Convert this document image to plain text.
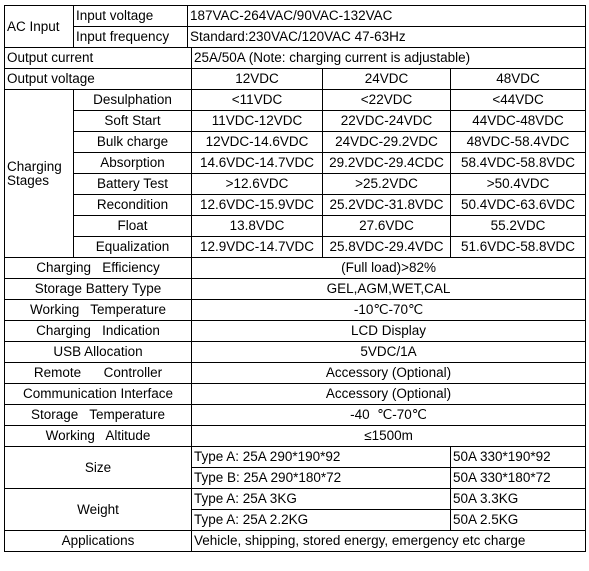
AC Input	Input voltage	187VAC-264VAC/90VAC-132VAC			
	Input frequency	Standard:230VAC/120VAC 47-63Hz			
Output current			25A/50A (Note: charging current is adjustable)		
Output voltage			12VDC	24VDC	48VDC
Charging
Stages	Desulphation		<11VDC	<22VDC	<44VDC
	Soft Start		11VDC-12VDC	22VDC-24VDC	44VDC-48VDC
	Bulk charge		12VDC-14.6VDC	24VDC-29.2VDC	48VDC-58.4VDC
	Absorption		14.6VDC-14.7VDC	29.2VDC-29.4CDC	58.4VDC-58.8VDC
	Battery Test		>12.6VDC	>25.2VDC	>50.4VDC
	Recondition		12.6VDC-15.9VDC	25.2VDC-31.8VDC	50.4VDC-63.6VDC
	Float		13.8VDC	27.6VDC	55.2VDC
	Equalization		12.9VDC-14.7VDC	25.8VDC-29.4VDC	51.6VDC-58.8VDC
Charging   Efficiency			(Full load)>82%		
Storage Battery Type			GEL,AGM,WET,CAL		
Working   Temperature			-10℃-70℃		
Charging   Indication			LCD Display		
USB Allocation			5VDC/1A		
Remote      Controller			Accessory (Optional)		
Communication Interface			Accessory (Optional)		
Storage   Temperature			-40  ℃-70℃		
Working   Altitude			≤1500m		
Size			Type A: 25A 290*190*92		50A 330*190*92
			Type B: 25A 290*180*72		50A 330*180*72
Weight			Type A: 25A 3KG		50A 3.3KG
			Type A: 25A 2.2KG		50A 2.5KG
Applications			Vehicle, shipping, stored energy, emergency etc charge		
